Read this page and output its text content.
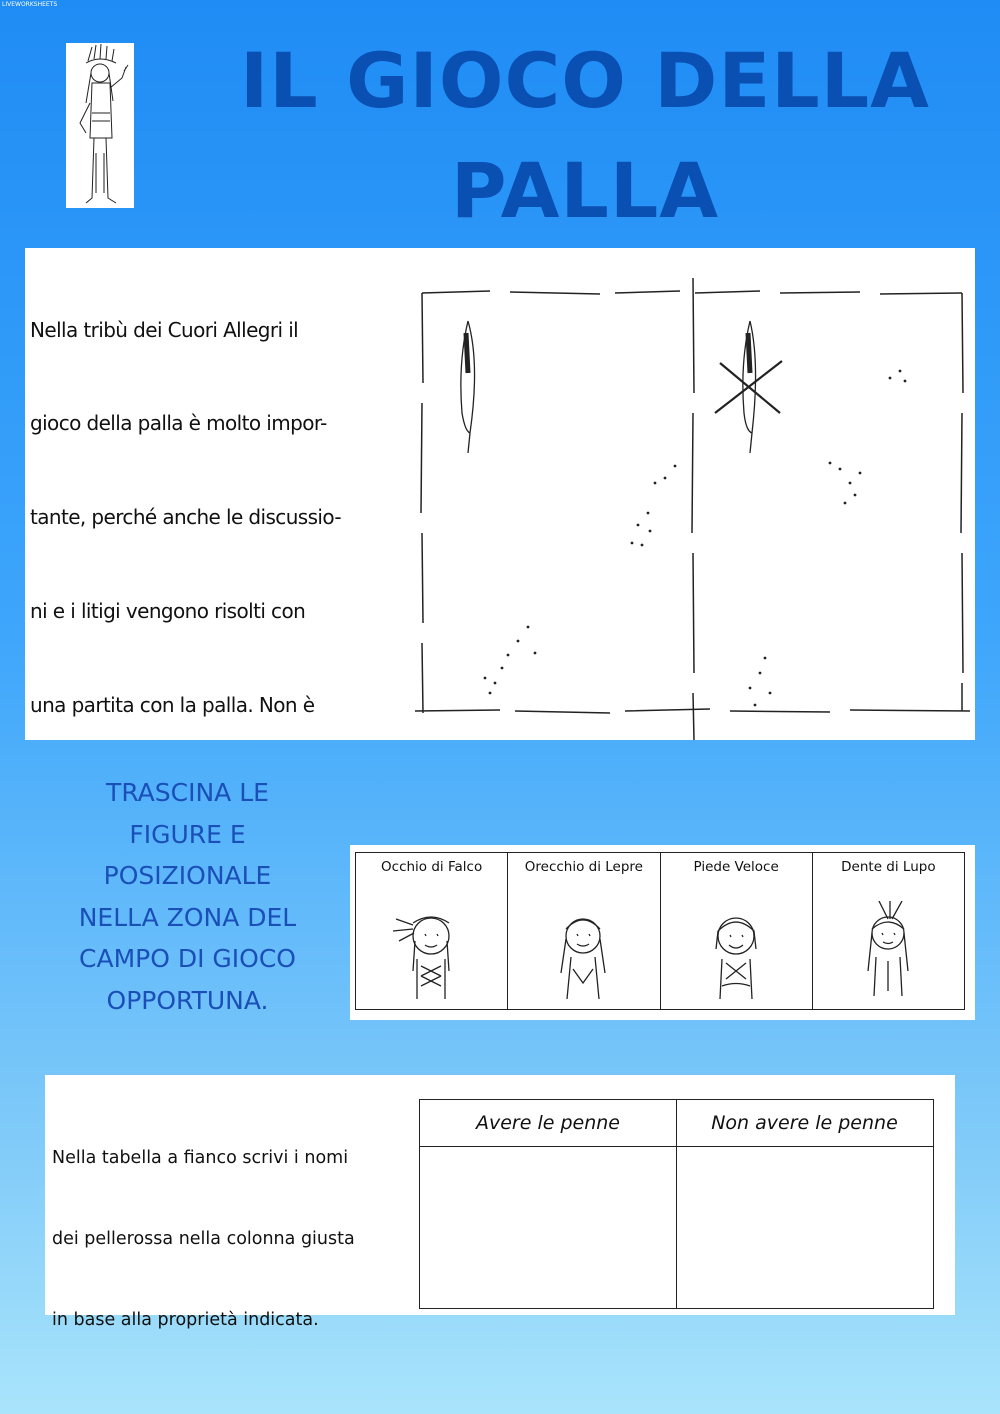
LIVEWORKSHEETS
IL GIOCO DELLA
PALLA

Nella tribù dei Cuori Allegri il

gioco della palla è molto impor-

tante, perché anche le discussio-

ni e i litigi vengono risolti con

una partita con la palla. Non è

TRASCINA LE
FIGURE E
POSIZIONALE
NELLA ZONA DEL
CAMPO DI GIOCO
OPPORTUNA.
Occhio di Falco	Orecchio di Lepre	Piede Veloce	Dente di Lupo

Nella tabella a fianco scrivi i nomi

dei pellerossa nella colonna giusta

in base alla proprietà indicata.

Avere le penne	Non avere le penne
